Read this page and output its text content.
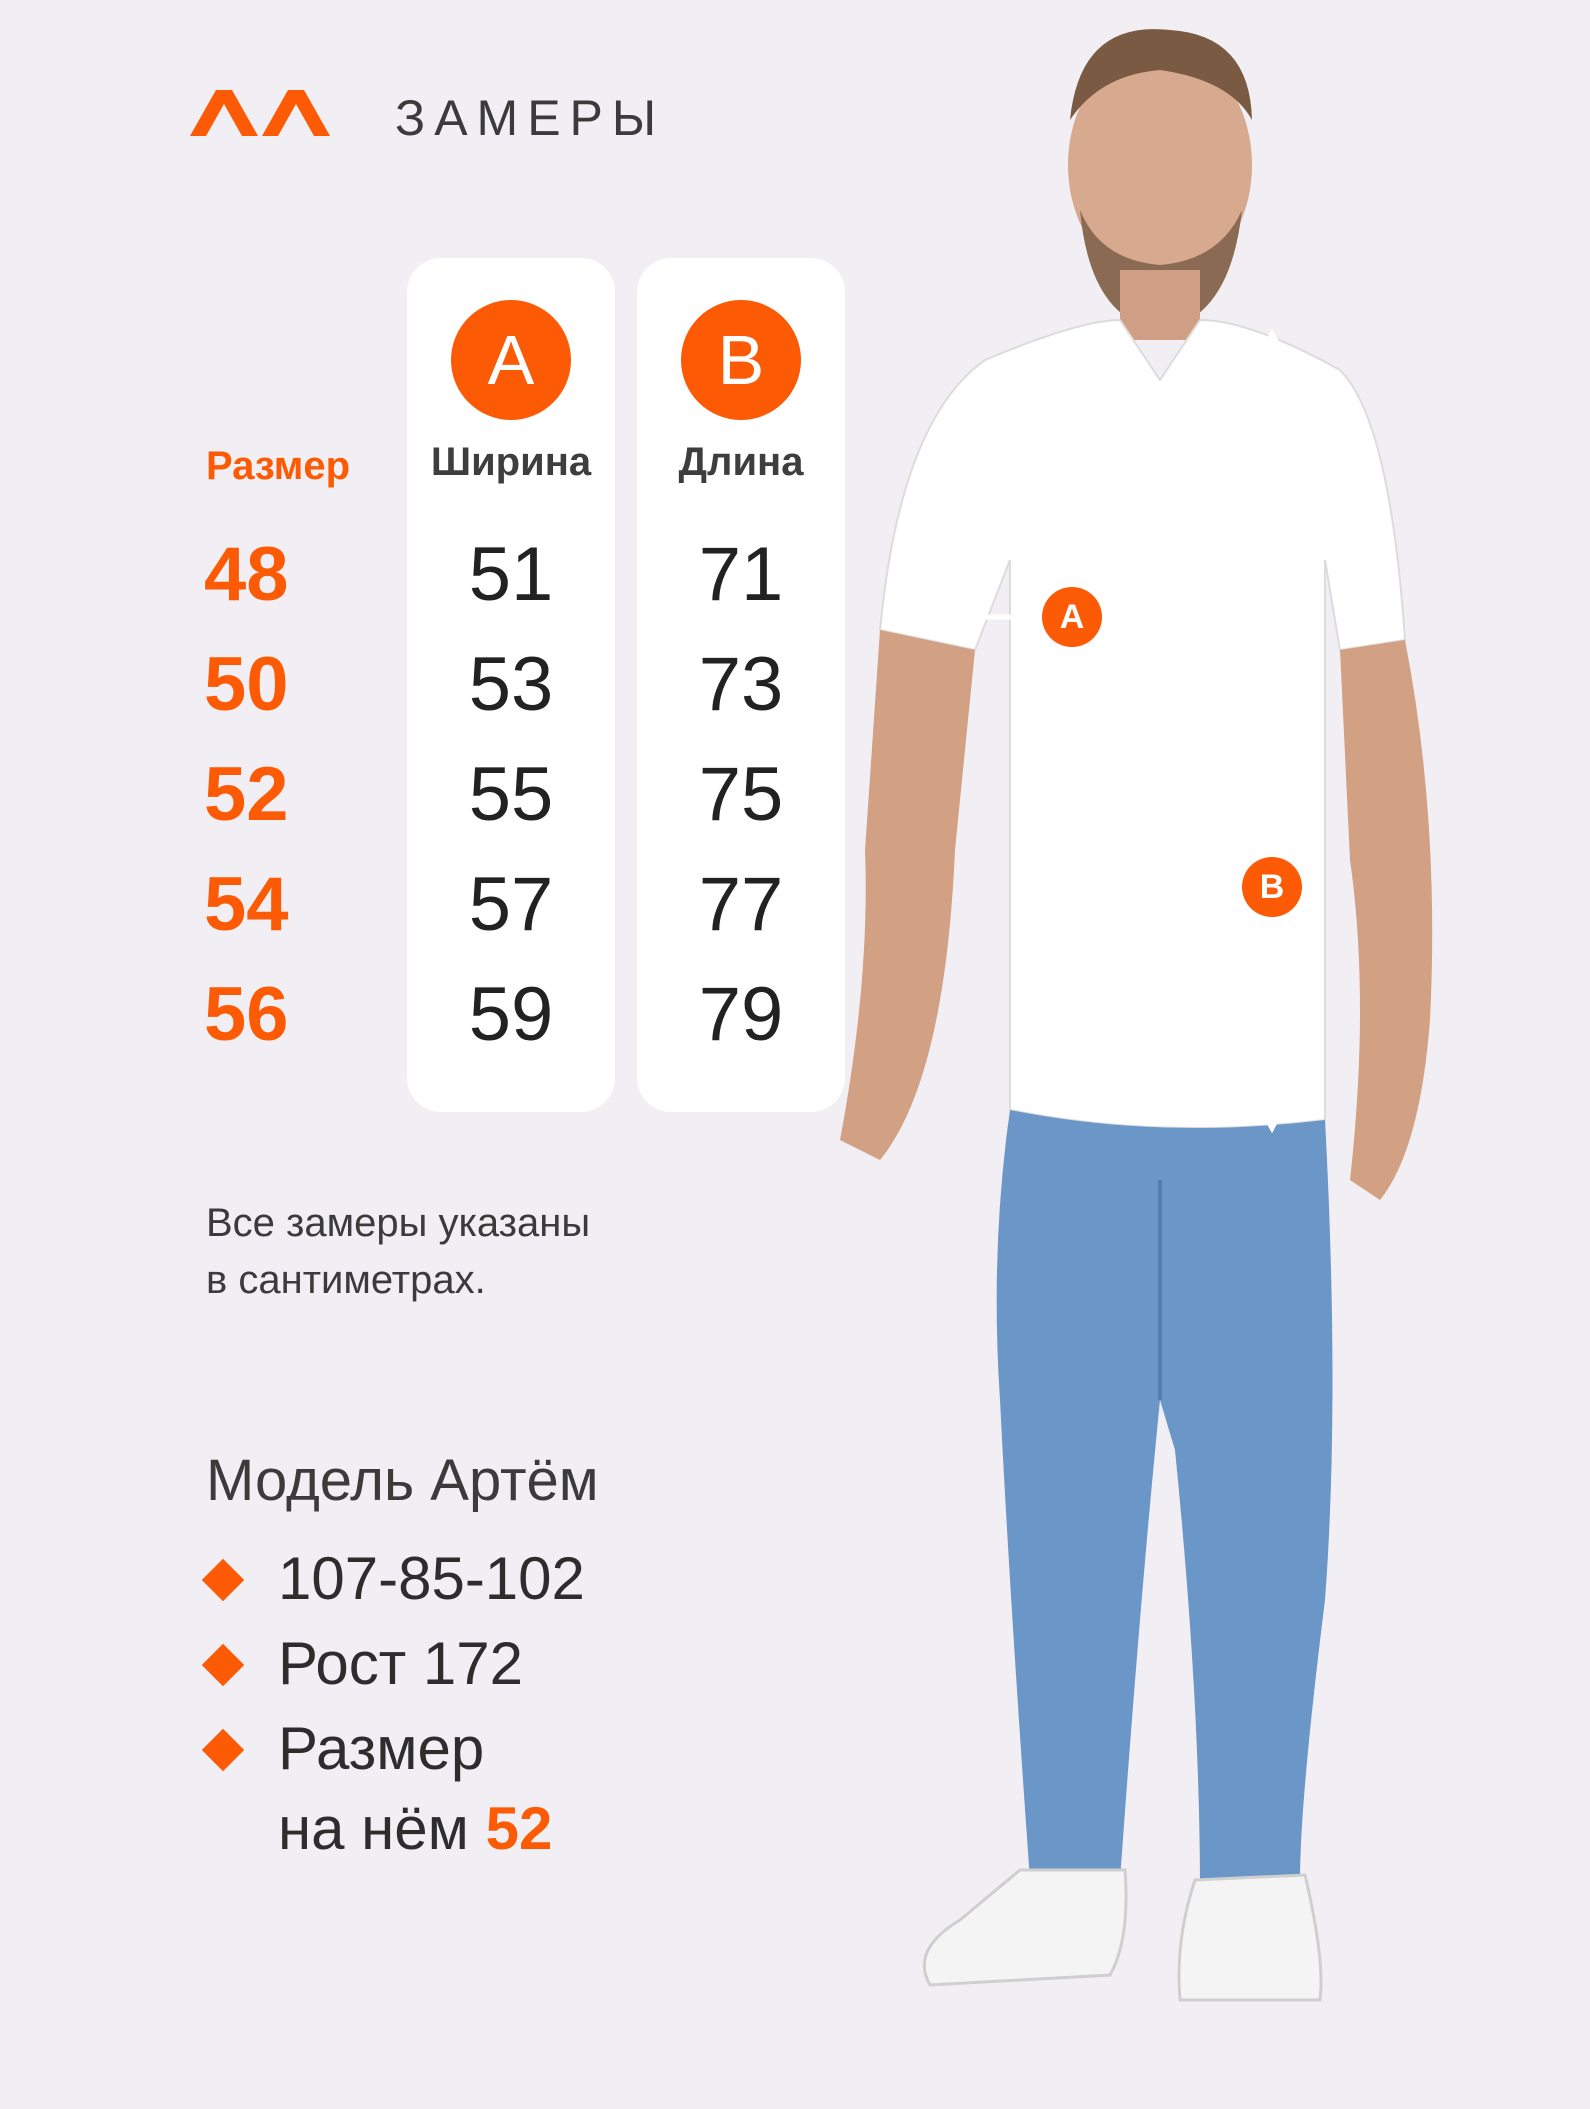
ЗАМЕРЫ
Размер
48
50
52
54
56
A
Ширина
51
53
55
57
59
B
Длина
71
73
75
77
79
Все замеры указаны
в сантиметрах.
Модель Артём
107-85-102
Рост 172
Размер
на нём 52
A
B
